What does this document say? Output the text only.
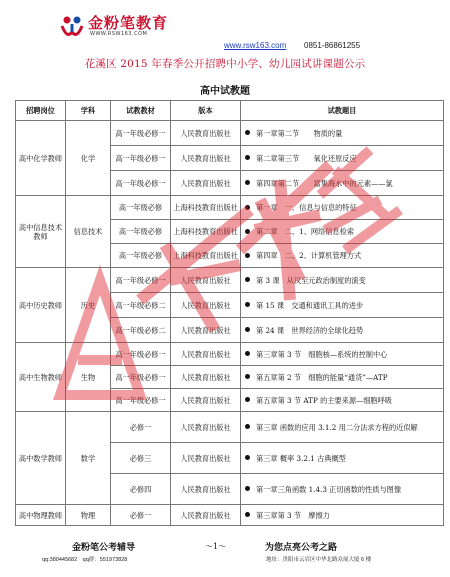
金粉笔教育
WWW.RSW163.COM
www.rsw163.com 0851-86861255
花溪区 2015 年春季公开招聘中小学、幼儿园试讲课题公示
高中试教题
招聘岗位	学科	试教教材	版本	试教题目
高中化学教师	化学	高一年级必修一	人民教育出版社	第一章第二节　　物质的量
		高一年级必修一	人民教育出版社	第二章第三节　　氧化还原反应
		高一年级必修一	人民教育出版社	第四章第二节　　富集海水中的元素——氯
高中信息技术教师	信息技术	高一年级必修	上海科技教育出版社	第一章　一、信息与信息的特征
		高一年级必修	上海科技教育出版社	第二章　二、1、网络信息检索
		高一年级必修	上海科技教育出版社	第四章　二、2、计算机管理方式
高中历史教师	历史	高一年级必修一	人民教育出版社	第 3 课　从汉至元政治制度的演变
		高一年级必修二	人民教育出版社	第 15 课　交通和通讯工具的进步
		高一年级必修二	人民教育出版社	第 24 课　世界经济的全球化趋势
高中生物教师	生物	高一年级必修一	人民教育出版社	第三章第 3 节　细胞核—系统的控制中心
		高一年级必修一	人民教育出版社	第五章第 2 节　细胞的能量“通货”—ATP
		高一年级必修一	人民教育出版社	第五章第 3 节 ATP 的主要来源—细胞呼吸
高中数学教师	数学	必修一	人民教育出版社	第三章 函数的应用 3.1.2 用二分法求方程的近似解
		必修三	人民教育出版社	第三章 概率 3.2.1 古典概型
		必修四	人民教育出版社	第一章三角函数 1.4.3 正切函数的性质与图像
高中物理教师	物理	必修一	人民教育出版社	第三章第 3 节　摩擦力
金粉笔公考辅导	～1～	为您点亮公考之路
qq:380445682　qq群：551973828	地址：贵阳市云岩区中华北路众展大厦 6 楼
